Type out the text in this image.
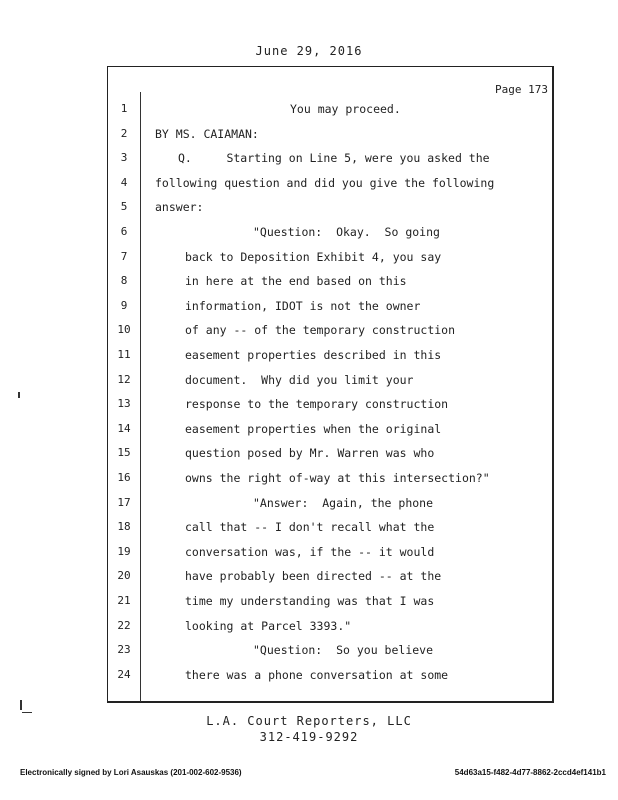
June 29, 2016
Page 173
1	You may proceed.
2	BY MS. CAIAMAN:
3	Q.     Starting on Line 5, were you asked the
4	following question and did you give the following
5	answer:
6	"Question:  Okay.  So going
7	back to Deposition Exhibit 4, you say
8	in here at the end based on this
9	information, IDOT is not the owner
10	of any -- of the temporary construction
11	easement properties described in this
12	document.  Why did you limit your
13	response to the temporary construction
14	easement properties when the original
15	question posed by Mr. Warren was who
16	owns the right of-way at this intersection?"
17	"Answer:  Again, the phone
18	call that -- I don't recall what the
19	conversation was, if the -- it would
20	have probably been directed -- at the
21	time my understanding was that I was
22	looking at Parcel 3393."
23	"Question:  So you believe
24	there was a phone conversation at some
L.A. Court Reporters, LLC
312-419-9292
Electronically signed by Lori Asauskas (201-002-602-9536)	54d63a15-f482-4d77-8862-2ccd4ef141b1
